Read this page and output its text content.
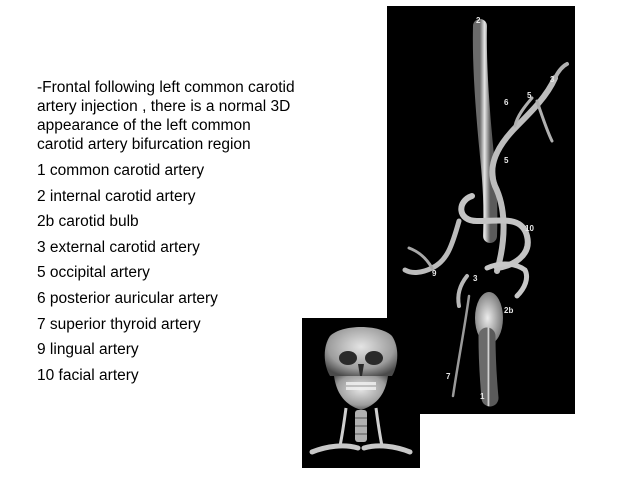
-Frontal following left common carotid artery injection , there is a normal 3D appearance of the left common carotid artery bifurcation region

1 common carotid artery
2 internal carotid artery
2b carotid bulb
3 external carotid artery
5 occipital artery
6 posterior auricular artery
7 superior thyroid artery
9 lingual artery
10 facial artery
2
3
5
6
5
10
9
3
2b
7
1
